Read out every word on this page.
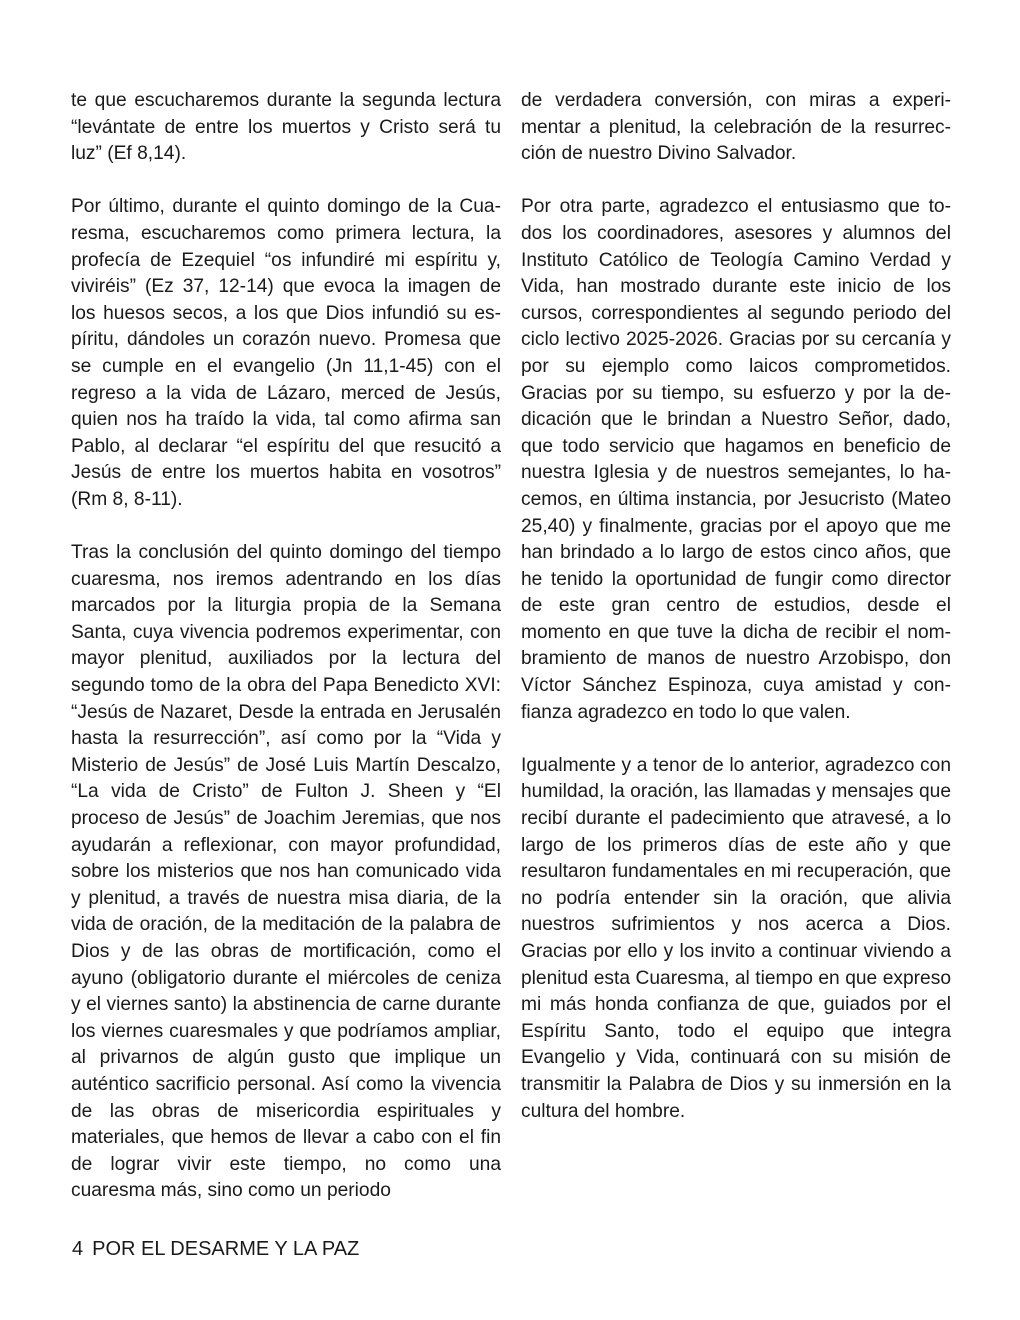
te que escucharemos durante la segunda lectura “levántate de entre los muertos y Cristo será tu luz” (Ef 8,14).

Por último, durante el quinto domingo de la Cuaresma, escucharemos como primera lectura, la profecía de Ezequiel “os infundiré mi espíritu y, viviréis” (Ez 37, 12-14) que evoca la imagen de los huesos secos, a los que Dios infundió su espíritu, dándoles un corazón nuevo. Promesa que se cumple en el evangelio (Jn 11,1-45) con el regreso a la vida de Lázaro, merced de Jesús, quien nos ha traído la vida, tal como afirma san Pablo, al declarar “el espíritu del que resucitó a Jesús de entre los muertos habita en vosotros” (Rm 8, 8-11).

Tras la conclusión del quinto domingo del tiempo cuaresma, nos iremos adentrando en los días marcados por la liturgia propia de la Semana Santa, cuya vivencia podremos experimentar, con mayor plenitud, auxiliados por la lectura del segundo tomo de la obra del Papa Benedicto XVI: “Jesús de Nazaret, Desde la entrada en Jerusalén hasta la resurrección”, así como por la “Vida y Misterio de Jesús” de José Luis Martín Descalzo, “La vida de Cristo” de Fulton J. Sheen y “El proceso de Jesús” de Joachim Jeremias, que nos ayudarán a reflexionar, con mayor profundidad, sobre los misterios que nos han comunicado vida y plenitud, a través de nuestra misa diaria, de la vida de oración, de la meditación de la palabra de Dios y de las obras de mortificación, como el ayuno (obligatorio durante el miércoles de ceniza y el viernes santo) la abstinencia de carne durante los viernes cuaresmales y que podríamos ampliar, al privarnos de algún gusto que implique un auténtico sacrificio personal. Así como la vivencia de las obras de misericordia espirituales y materiales, que hemos de llevar a cabo con el fin de lograr vivir este tiempo, no como una cuaresma más, sino como un periodo

de verdadera conversión, con miras a experimentar a plenitud, la celebración de la resurrección de nuestro Divino Salvador.

Por otra parte, agradezco el entusiasmo que todos los coordinadores, asesores y alumnos del Instituto Católico de Teología Camino Verdad y Vida, han mostrado durante este inicio de los cursos, correspondientes al segundo periodo del ciclo lectivo 2025-2026. Gracias por su cercanía y por su ejemplo como laicos comprometidos. Gracias por su tiempo, su esfuerzo y por la dedicación que le brindan a Nuestro Señor, dado, que todo servicio que hagamos en beneficio de nuestra Iglesia y de nuestros semejantes, lo hacemos, en última instancia, por Jesucristo (Mateo 25,40) y finalmente, gracias por el apoyo que me han brindado a lo largo de estos cinco años, que he tenido la oportunidad de fungir como director de este gran centro de estudios, desde el momento en que tuve la dicha de recibir el nombramiento de manos de nuestro Arzobispo, don Víctor Sánchez Espinoza, cuya amistad y confianza agradezco en todo lo que valen.

Igualmente y a tenor de lo anterior, agradezco con humildad, la oración, las llamadas y mensajes que recibí durante el padecimiento que atravesé, a lo largo de los primeros días de este año y que resultaron fundamentales en mi recuperación, que no podría entender sin la oración, que alivia nuestros sufrimientos y nos acerca a Dios. Gracias por ello y los invito a continuar viviendo a plenitud esta Cuaresma, al tiempo en que expreso mi más honda confianza de que, guiados por el Espíritu Santo, todo el equipo que integra Evangelio y Vida, continuará con su misión de transmitir la Palabra de Dios y su inmersión en la cultura del hombre.

4 POR EL DESARME Y LA PAZ
